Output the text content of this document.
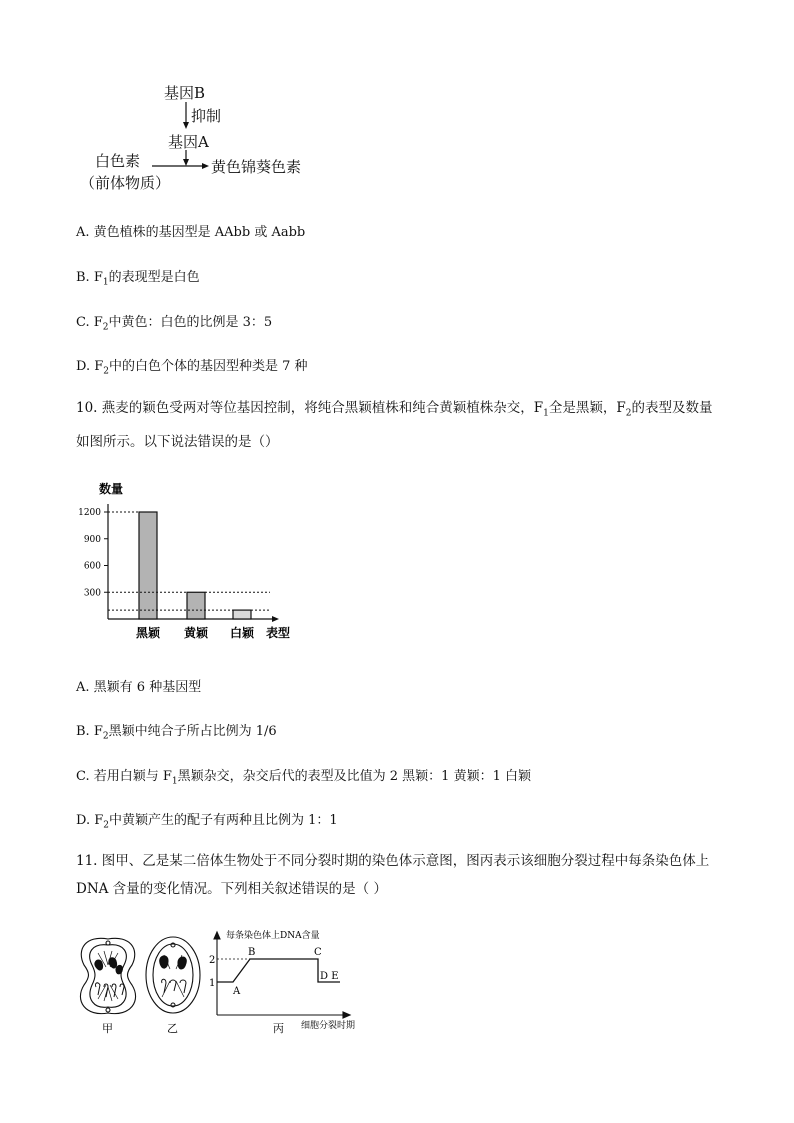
基因B
抑制
基因A
白色素
（前体物质）
黄色锦葵色素
A. 黄色植株的基因型是 AAbb 或 Aabb
B. $F_1$的表现型是白色
C. $F_2$中黄色：白色的比例是 3：5
D. $F_2$中的白色个体的基因型种类是 7 种
10. 燕麦的颖色受两对等位基因控制，将纯合黑颖植株和纯合黄颖植株杂交，$F_1$全是黑颖，$F_2$的表型及数量
如图所示。以下说法错误的是（）
数量
表型
300
600
900
1200
黑颖 黄颖 白颖
A. 黑颖有 6 种基因型
B. $F_2$黑颖中纯合子所占比例为 1/6
C. 若用白颖与 $F_1$黑颖杂交，杂交后代的表型及比值为 2 黑颖：1 黄颖：1 白颖
D. $F_2$中黄颖产生的配子有两种且比例为 1：1
11. 图甲、乙是某二倍体生物处于不同分裂时期的染色体示意图，图丙表示该细胞分裂过程中每条染色体上
DNA 含量的变化情况。下列相关叙述错误的是（ ）
每条染色体上DNA含量
细胞分裂时期
1
2
A
B	C
D E
甲	乙	丙
